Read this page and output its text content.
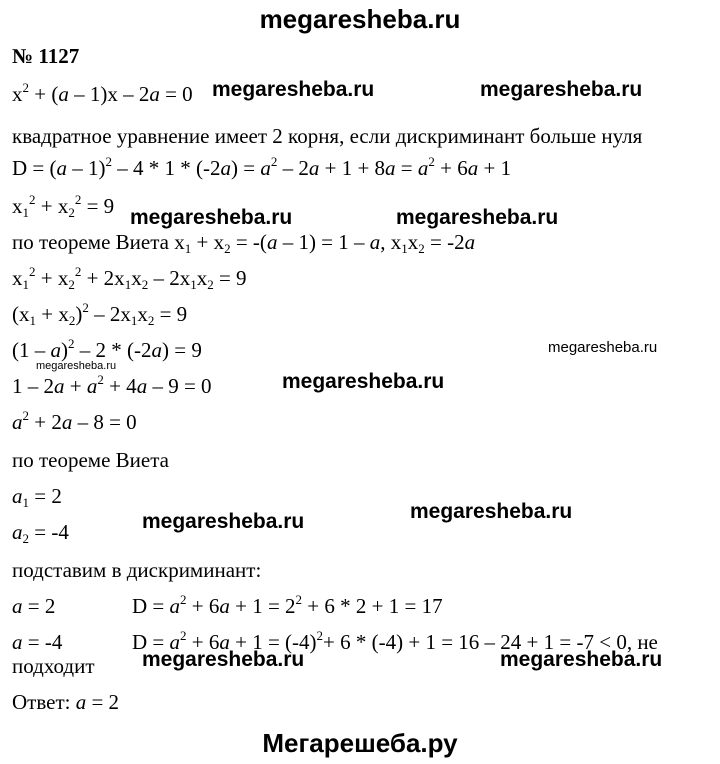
megaresheba.ru
№ 1127
$x^2 + (a - 1)x - 2a = 0$
квадратное уравнение имеет 2 корня, если дискриминант больше нуля
$D = (a - 1)^2 - 4 * 1 * (-2a) = a^2 - 2a + 1 + 8a = a^2 + 6a + 1$
$x_1^2 + x_2^2 = 9$
по теореме Виета $x_1 + x_2 = -(a - 1) = 1 - a$, $x_1x_2 = -2a$
$x_1^2 + x_2^2 + 2x_1x_2 - 2x_1x_2 = 9$
$(x_1 + x_2)^2 - 2x_1x_2 = 9$
(1 – a)$^2$ – 2 * (-2a) = 9
$1 - 2a + a^2 + 4a - 9 = 0$
$a^2 + 2a - 8 = 0$
по теореме Виета
$a_1 = 2$
$a_2 = -4$
подставим в дискриминант:
a = 2	$D = a^2 + 6a + 1 = 2^2 + 6 * 2 + 1 = 17$
a = -4	$D = a^2 + 6a + 1 = (-4)^2+ 6 * (-4) + 1 = 16 - 24 + 1 = -7 < 0$, не
подходит
Ответ: a = 2
megaresheba.ru	megaresheba.ru
megaresheba.ru	megaresheba.ru
megaresheba.ru
megaresheba.ru
megaresheba.ru
megaresheba.ru
megaresheba.ru
megaresheba.ru	megaresheba.ru
Мегарешеба.ру
